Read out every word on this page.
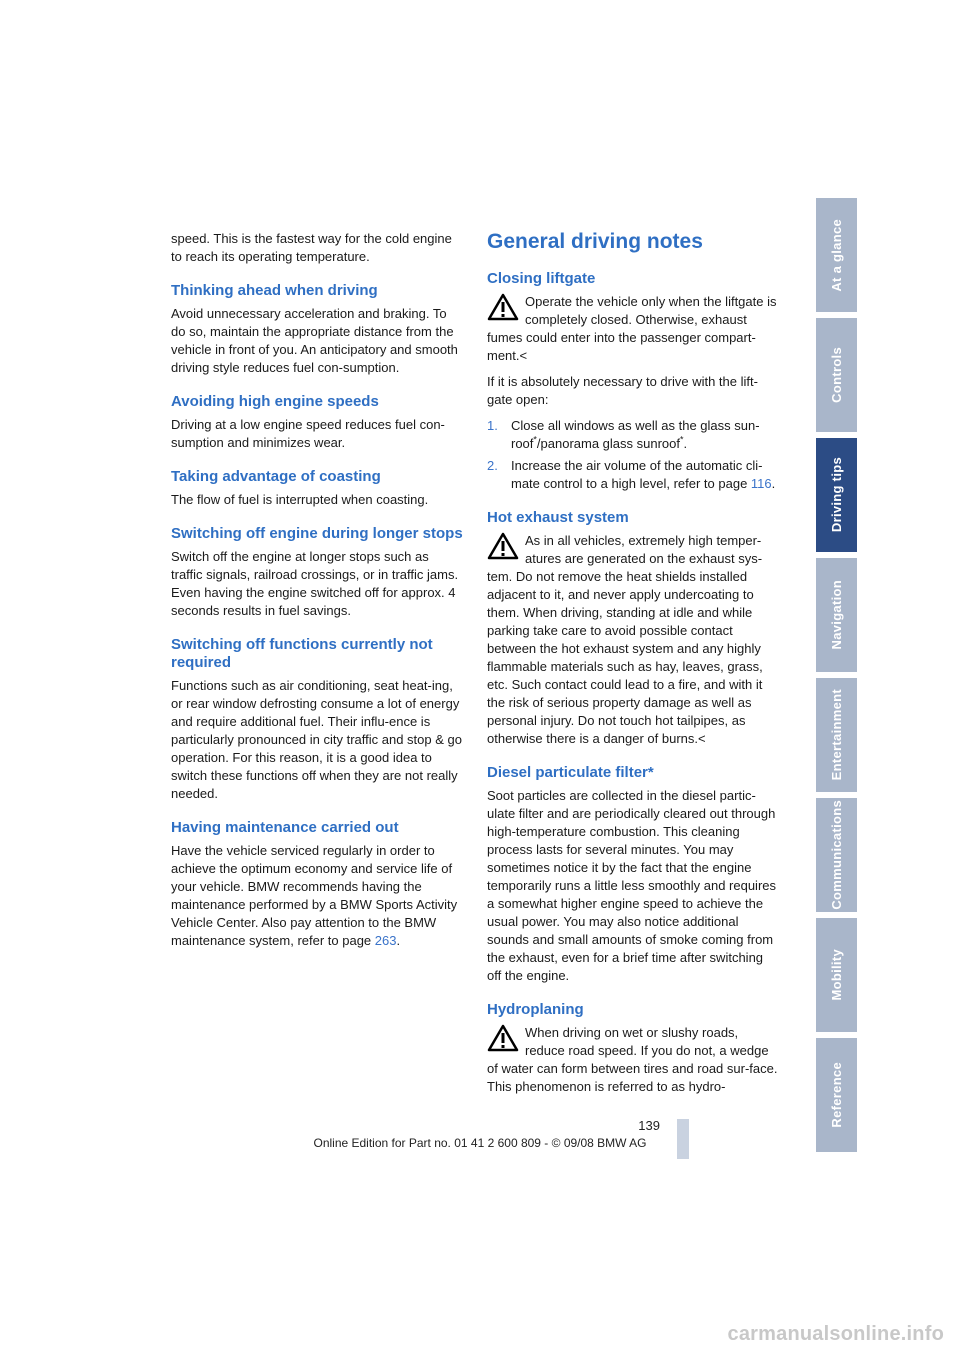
speed. This is the fastest way for the cold engine to reach its operating temperature.

Thinking ahead when driving

Avoid unnecessary acceleration and braking. To do so, maintain the appropriate distance from the vehicle in front of you. An anticipatory and smooth driving style reduces fuel con-sumption.

Avoiding high engine speeds

Driving at a low engine speed reduces fuel con-sumption and minimizes wear.

Taking advantage of coasting

The flow of fuel is interrupted when coasting.

Switching off engine during longer stops

Switch off the engine at longer stops such as traffic signals, railroad crossings, or in traffic jams. Even having the engine switched off for approx. 4 seconds results in fuel savings.

Switching off functions currently not required

Functions such as air conditioning, seat heat-ing, or rear window defrosting consume a lot of energy and require additional fuel. Their influ-ence is particularly pronounced in city traffic and stop & go operation. For this reason, it is a good idea to switch these functions off when they are not really needed.

Having maintenance carried out

Have the vehicle serviced regularly in order to achieve the optimum economy and service life of your vehicle. BMW recommends having the maintenance performed by a BMW Sports Activity Vehicle Center. Also pay attention to the BMW maintenance system, refer to page 263.

General driving notes
Closing liftgate

Operate the vehicle only when the liftgate is completely closed. Otherwise, exhaust fumes could enter into the passenger compart-ment.<

If it is absolutely necessary to drive with the lift-gate open:

1. Close all windows as well as the glass sun-roof*/panorama glass sunroof*.
2. Increase the air volume of the automatic cli-mate control to a high level, refer to page 116.
Hot exhaust system

As in all vehicles, extremely high temper-atures are generated on the exhaust sys-tem. Do not remove the heat shields installed adjacent to it, and never apply undercoating to them. When driving, standing at idle and while parking take care to avoid possible contact between the hot exhaust system and any highly flammable materials such as hay, leaves, grass, etc. Such contact could lead to a fire, and with it the risk of serious property damage as well as personal injury. Do not touch hot tailpipes, as otherwise there is a danger of burns.<

Diesel particulate filter*

Soot particles are collected in the diesel partic-ulate filter and are periodically cleared out through high-temperature combustion. This cleaning process lasts for several minutes. You may sometimes notice it by the fact that the engine temporarily runs a little less smoothly and requires a somewhat higher engine speed to achieve the usual power. You may also notice additional sounds and small amounts of smoke coming from the exhaust, even for a brief time after switching off the engine.

Hydroplaning

When driving on wet or slushy roads, reduce road speed. If you do not, a wedge of water can form between tires and road sur-face. This phenomenon is referred to as hydro-

At a glance
Controls
Driving tips
Navigation
Entertainment
Communications
Mobility
Reference
139
Online Edition for Part no. 01 41 2 600 809 - © 09/08 BMW AG
carmanualsonline.info
